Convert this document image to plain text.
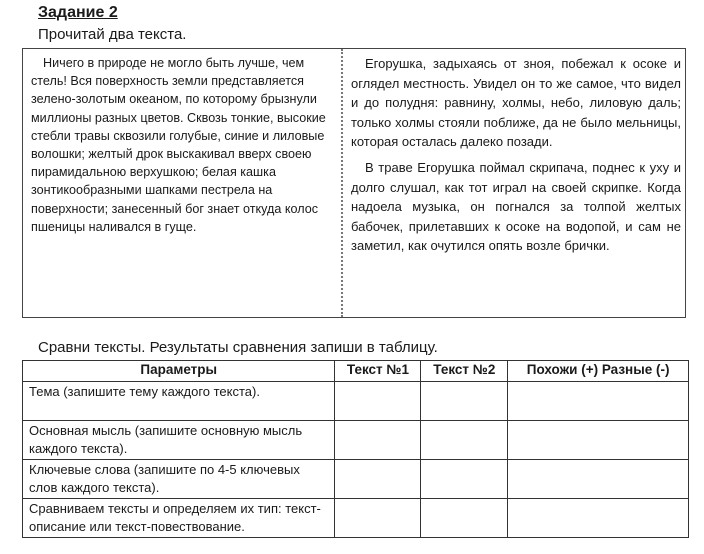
Задание 2
Прочитай два текста.

Ничего в природе не могло быть лучше, чем стель! Вся поверхность земли представляется зелено-золотым океаном, по которому брызнули миллионы разных цветов. Сквозь тонкие, высокие стебли травы сквозили голубые, синие и лиловые волошки; желтый дрок выскакивал вверх своею пирамидальною верхушкою; белая кашка зонтикообразными шапками пестрела на поверхности; занесенный бог знает откуда колос пшеницы наливался в гуще.

Егорушка, задыхаясь от зноя, побежал к осоке и оглядел местность. Увидел он то же самое, что видел и до полудня: равнину, холмы, небо, лиловую даль; только холмы стояли поближе, да не было мельницы, которая осталась далеко позади.

В траве Егорушка поймал скрипача, поднес к уху и долго слушал, как тот играл на своей скрипке. Когда надоела музыка, он погнался за толпой желтых бабочек, прилетавших к осоке на водопой, и сам не заметил, как очутился опять возле брички.

Сравни тексты. Результаты сравнения запиши в таблицу.
Параметры	Текст №1	Текст №2	Похожи (+) Разные (-)
Тема (запишите тему каждого текста).			
Основная мысль (запишите основную мысль каждого текста).			
Ключевые слова (запишите по 4-5 ключевых слов каждого текста).			
Сравниваем тексты и определяем их тип: текст-описание или текст-повествование.			
